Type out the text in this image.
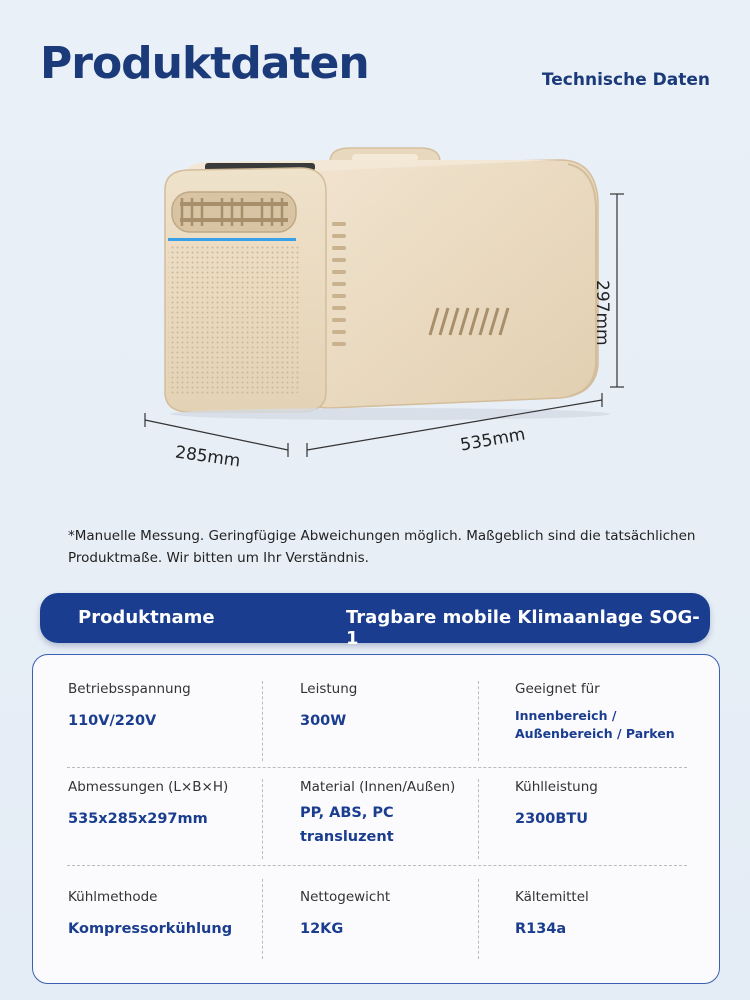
Produktdaten	Technische Daten
285mm
535mm
297mm
*Manuelle Messung. Geringfügige Abweichungen möglich. Maßgeblich sind die tatsächlichen Produktmaße. Wir bitten um Ihr Verständnis.
Produktname	Tragbare mobile Klimaanlage SOG-1
Betriebsspannung
110V/220V
Leistung
300W
Geeignet für
Innenbereich / Außenbereich / Parken
Abmessungen (L×B×H)
535x285x297mm
Material (Innen/Außen)
PP, ABS, PC transluzent
Kühlleistung
2300BTU
Kühlmethode
Kompressorkühlung
Nettogewicht
12KG
Kältemittel
R134a
